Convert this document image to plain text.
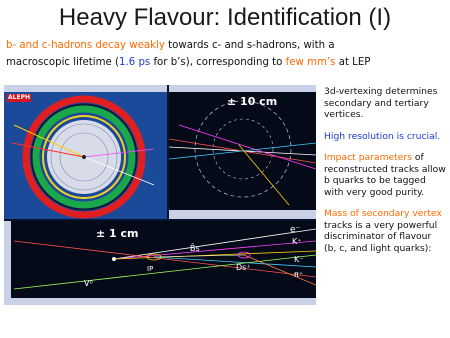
Heavy Flavour: Identification (I)
b- and c-hadrons decay weakly towards c- and s-hadrons, with a
macroscopic lifetime (1.6 ps for b’s), corresponding to few mm’s at LEP
ALEPH	± 10 cm
± 1 cm	e⁻
K⁺
B̄s
K⁻
Ds⁺
π⁺
IP
V⁰

3d-vertexing determines secondary and tertiary vertices.

High resolution is crucial.

Impact parameters of reconstructed tracks allow b quarks to be tagged with very good purity.

Mass of secondary vertex tracks is a very powerful discriminator of flavour (b, c, and light quarks):
